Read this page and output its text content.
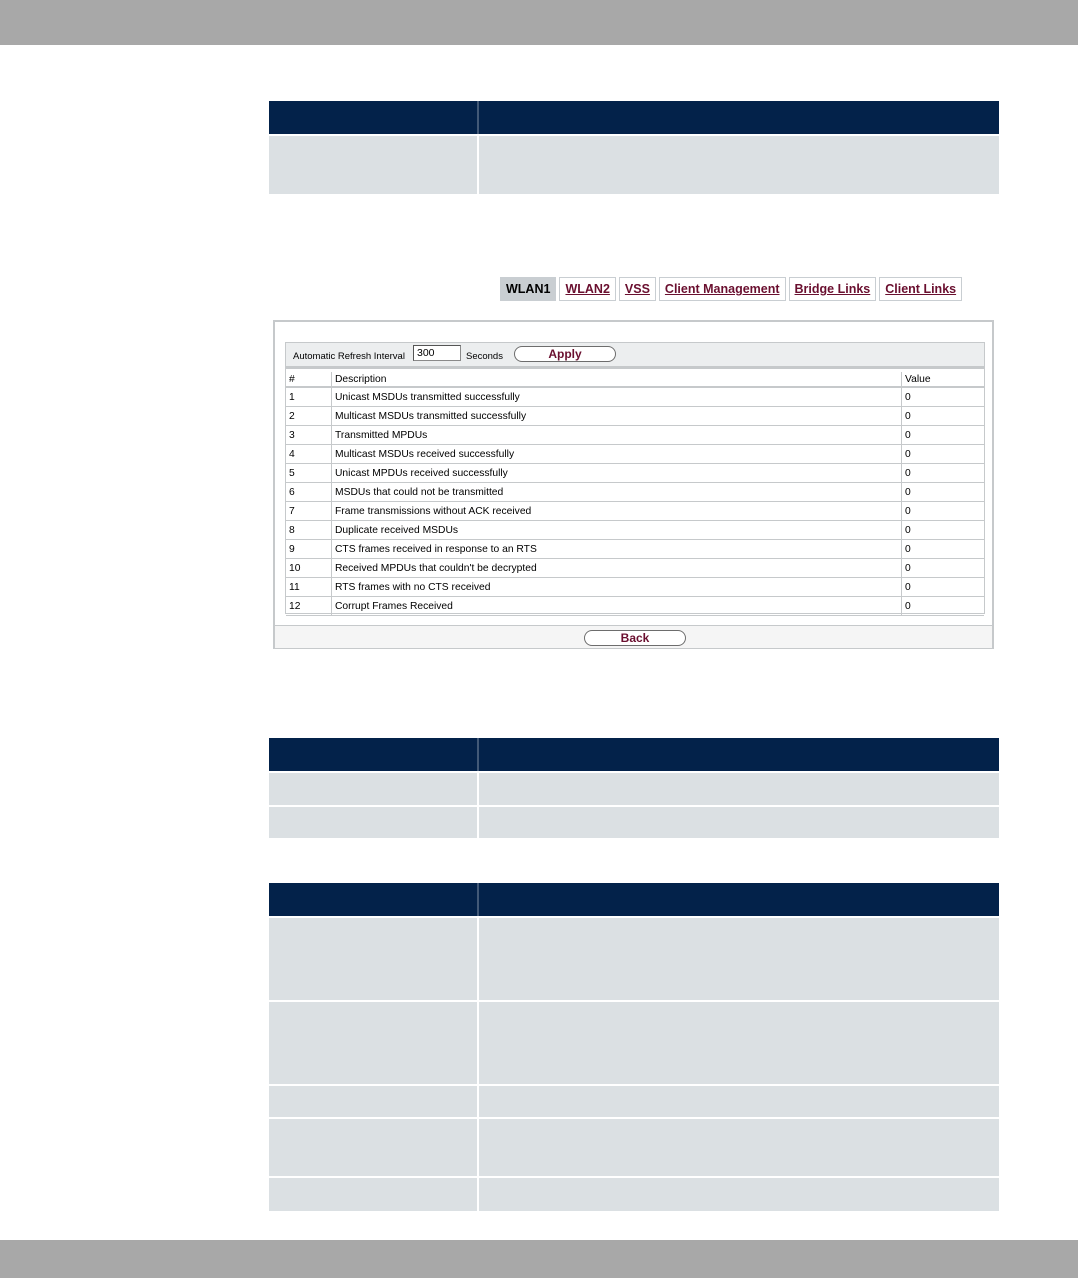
WLAN1	WLAN2	VSS	Client Management	Bridge Links	Client Links
Automatic Refresh Interval	300	Seconds	Apply
#	Description	Value
1	Unicast MSDUs transmitted successfully	0
2	Multicast MSDUs transmitted successfully	0
3	Transmitted MPDUs	0
4	Multicast MSDUs received successfully	0
5	Unicast MPDUs received successfully	0
6	MSDUs that could not be transmitted	0
7	Frame transmissions without ACK received	0
8	Duplicate received MSDUs	0
9	CTS frames received in response to an RTS	0
10	Received MPDUs that couldn't be decrypted	0
11	RTS frames with no CTS received	0
12	Corrupt Frames Received	0
Back
